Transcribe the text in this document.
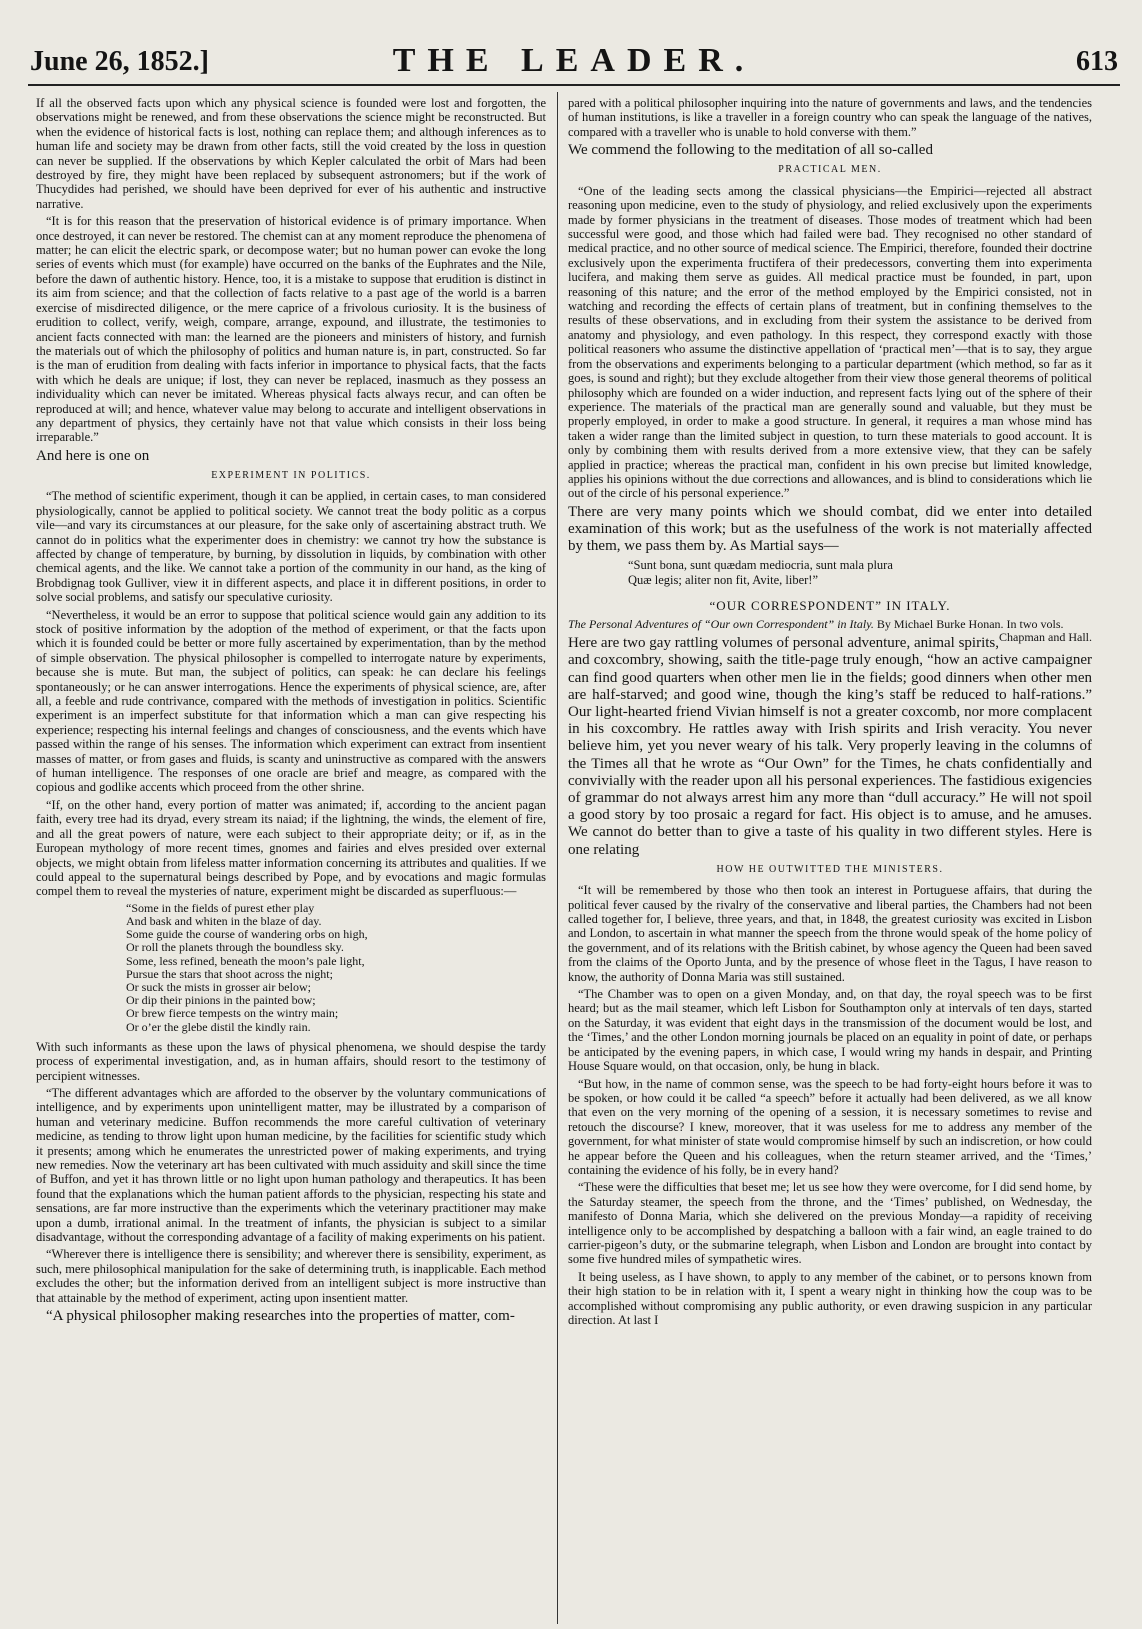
June 26, 1852.]	THE LEADER.	613

If all the observed facts upon which any physical science is founded were lost and forgotten, the observations might be renewed, and from these observations the science might be reconstructed. But when the evidence of historical facts is lost, nothing can replace them; and although inferences as to human life and society may be drawn from other facts, still the void created by the loss in question can never be supplied. If the observations by which Kepler calculated the orbit of Mars had been destroyed by fire, they might have been replaced by subsequent astronomers; but if the work of Thucydides had perished, we should have been deprived for ever of his authentic and instructive narrative.

“It is for this reason that the preservation of historical evidence is of primary importance. When once destroyed, it can never be restored. The chemist can at any moment reproduce the phenomena of matter; he can elicit the electric spark, or decompose water; but no human power can evoke the long series of events which must (for example) have occurred on the banks of the Euphrates and the Nile, before the dawn of authentic history. Hence, too, it is a mistake to suppose that erudition is distinct in its aim from science; and that the collection of facts relative to a past age of the world is a barren exercise of misdirected diligence, or the mere caprice of a frivolous curiosity. It is the business of erudition to collect, verify, weigh, compare, arrange, expound, and illustrate, the testimonies to ancient facts connected with man: the learned are the pioneers and ministers of history, and furnish the materials out of which the philosophy of politics and human nature is, in part, constructed. So far is the man of erudition from dealing with facts inferior in importance to physical facts, that the facts with which he deals are unique; if lost, they can never be replaced, inasmuch as they possess an individuality which can never be imitated. Whereas physical facts always recur, and can often be reproduced at will; and hence, whatever value may belong to accurate and intelligent observations in any department of physics, they certainly have not that value which consists in their loss being irreparable.”

And here is one on

EXPERIMENT IN POLITICS.

“The method of scientific experiment, though it can be applied, in certain cases, to man considered physiologically, cannot be applied to political society. We cannot treat the body politic as a corpus vile—and vary its circumstances at our pleasure, for the sake only of ascertaining abstract truth. We cannot do in politics what the experimenter does in chemistry: we cannot try how the substance is affected by change of temperature, by burning, by dissolution in liquids, by combination with other chemical agents, and the like. We cannot take a portion of the community in our hand, as the king of Brobdignag took Gulliver, view it in different aspects, and place it in different positions, in order to solve social problems, and satisfy our speculative curiosity.

“Nevertheless, it would be an error to suppose that political science would gain any addition to its stock of positive information by the adoption of the method of experiment, or that the facts upon which it is founded could be better or more fully ascertained by experimentation, than by the method of simple observation. The physical philosopher is compelled to interrogate nature by experiments, because she is mute. But man, the subject of politics, can speak: he can declare his feelings spontaneously; or he can answer interrogations. Hence the experiments of physical science, are, after all, a feeble and rude contrivance, compared with the methods of investigation in politics. Scientific experiment is an imperfect substitute for that information which a man can give respecting his experience; respecting his internal feelings and changes of consciousness, and the events which have passed within the range of his senses. The information which experiment can extract from insentient masses of matter, or from gases and fluids, is scanty and uninstructive as compared with the answers of human intelligence. The responses of one oracle are brief and meagre, as compared with the copious and godlike accents which proceed from the other shrine.

“If, on the other hand, every portion of matter was animated; if, according to the ancient pagan faith, every tree had its dryad, every stream its naiad; if the lightning, the winds, the element of fire, and all the great powers of nature, were each subject to their appropriate deity; or if, as in the European mythology of more recent times, gnomes and fairies and elves presided over external objects, we might obtain from lifeless matter information concerning its attributes and qualities. If we could appeal to the supernatural beings described by Pope, and by evocations and magic formulas compel them to reveal the mysteries of nature, experiment might be discarded as superfluous:—

“Some in the fields of purest ether play
And bask and whiten in the blaze of day.
Some guide the course of wandering orbs on high,
Or roll the planets through the boundless sky.
Some, less refined, beneath the moon’s pale light,
Pursue the stars that shoot across the night;
Or suck the mists in grosser air below;
Or dip their pinions in the painted bow;
Or brew fierce tempests on the wintry main;
Or o’er the glebe distil the kindly rain.

With such informants as these upon the laws of physical phenomena, we should despise the tardy process of experimental investigation, and, as in human affairs, should resort to the testimony of percipient witnesses.

“The different advantages which are afforded to the observer by the voluntary communications of intelligence, and by experiments upon unintelligent matter, may be illustrated by a comparison of human and veterinary medicine. Buffon recommends the more careful cultivation of veterinary medicine, as tending to throw light upon human medicine, by the facilities for scientific study which it presents; among which he enumerates the unrestricted power of making experiments, and trying new remedies. Now the veterinary art has been cultivated with much assiduity and skill since the time of Buffon, and yet it has thrown little or no light upon human pathology and therapeutics. It has been found that the explanations which the human patient affords to the physician, respecting his state and sensations, are far more instructive than the experiments which the veterinary practitioner may make upon a dumb, irrational animal. In the treatment of infants, the physician is subject to a similar disadvantage, without the corresponding advantage of a facility of making experiments on his patient.

“Wherever there is intelligence there is sensibility; and wherever there is sensibility, experiment, as such, mere philosophical manipulation for the sake of determining truth, is inapplicable. Each method excludes the other; but the information derived from an intelligent subject is more instructive than that attainable by the method of experiment, acting upon insentient matter.

“A physical philosopher making researches into the properties of matter, com-

pared with a political philosopher inquiring into the nature of governments and laws, and the tendencies of human institutions, is like a traveller in a foreign country who can speak the language of the natives, compared with a traveller who is unable to hold converse with them.”

We commend the following to the meditation of all so-called

PRACTICAL MEN.

“One of the leading sects among the classical physicians—the Empirici—rejected all abstract reasoning upon medicine, even to the study of physiology, and relied exclusively upon the experiments made by former physicians in the treatment of diseases. Those modes of treatment which had been successful were good, and those which had failed were bad. They recognised no other standard of medical practice, and no other source of medical science. The Empirici, therefore, founded their doctrine exclusively upon the experimenta fructifera of their predecessors, converting them into experimenta lucifera, and making them serve as guides. All medical practice must be founded, in part, upon reasoning of this nature; and the error of the method employed by the Empirici consisted, not in watching and recording the effects of certain plans of treatment, but in confining themselves to the results of these observations, and in excluding from their system the assistance to be derived from anatomy and physiology, and even pathology. In this respect, they correspond exactly with those political reasoners who assume the distinctive appellation of ‘practical men’—that is to say, they argue from the observations and experiments belonging to a particular department (which method, so far as it goes, is sound and right); but they exclude altogether from their view those general theorems of political philosophy which are founded on a wider induction, and represent facts lying out of the sphere of their experience. The materials of the practical man are generally sound and valuable, but they must be properly employed, in order to make a good structure. In general, it requires a man whose mind has taken a wider range than the limited subject in question, to turn these materials to good account. It is only by combining them with results derived from a more extensive view, that they can be safely applied in practice; whereas the practical man, confident in his own precise but limited knowledge, applies his opinions without the due corrections and allowances, and is blind to considerations which lie out of the circle of his personal experience.”

There are very many points which we should combat, did we enter into detailed examination of this work; but as the usefulness of the work is not materially affected by them, we pass them by. As Martial says—

“Sunt bona, sunt quædam mediocria, sunt mala plura
Quæ legis; aliter non fit, Avite, liber!”
“OUR CORRESPONDENT” IN ITALY.
The Personal Adventures of “Our own Correspondent” in Italy. By Michael Burke Honan. In two vols.
Chapman and Hall.

Here are two gay rattling volumes of personal adventure, animal spirits, and coxcombry, showing, saith the title-page truly enough, “how an active campaigner can find good quarters when other men lie in the fields; good dinners when other men are half-starved; and good wine, though the king’s staff be reduced to half-rations.” Our light-hearted friend Vivian himself is not a greater coxcomb, nor more complacent in his coxcombry. He rattles away with Irish spirits and Irish veracity. You never believe him, yet you never weary of his talk. Very properly leaving in the columns of the Times all that he wrote as “Our Own” for the Times, he chats confidentially and convivially with the reader upon all his personal experiences. The fastidious exigencies of grammar do not always arrest him any more than “dull accuracy.” He will not spoil a good story by too prosaic a regard for fact. His object is to amuse, and he amuses. We cannot do better than to give a taste of his quality in two different styles. Here is one relating

HOW HE OUTWITTED THE MINISTERS.

“It will be remembered by those who then took an interest in Portuguese affairs, that during the political fever caused by the rivalry of the conservative and liberal parties, the Chambers had not been called together for, I believe, three years, and that, in 1848, the greatest curiosity was excited in Lisbon and London, to ascertain in what manner the speech from the throne would speak of the home policy of the government, and of its relations with the British cabinet, by whose agency the Queen had been saved from the claims of the Oporto Junta, and by the presence of whose fleet in the Tagus, I have reason to know, the authority of Donna Maria was still sustained.

“The Chamber was to open on a given Monday, and, on that day, the royal speech was to be first heard; but as the mail steamer, which left Lisbon for Southampton only at intervals of ten days, started on the Saturday, it was evident that eight days in the transmission of the document would be lost, and the ‘Times,’ and the other London morning journals be placed on an equality in point of date, or perhaps be anticipated by the evening papers, in which case, I would wring my hands in despair, and Printing House Square would, on that occasion, only, be hung in black.

“But how, in the name of common sense, was the speech to be had forty-eight hours before it was to be spoken, or how could it be called “a speech” before it actually had been delivered, as we all know that even on the very morning of the opening of a session, it is necessary sometimes to revise and retouch the discourse? I knew, moreover, that it was useless for me to address any member of the government, for what minister of state would compromise himself by such an indiscretion, or how could he appear before the Queen and his colleagues, when the return steamer arrived, and the ‘Times,’ containing the evidence of his folly, be in every hand?

“These were the difficulties that beset me; let us see how they were overcome, for I did send home, by the Saturday steamer, the speech from the throne, and the ‘Times’ published, on Wednesday, the manifesto of Donna Maria, which she delivered on the previous Monday—a rapidity of receiving intelligence only to be accomplished by despatching a balloon with a fair wind, an eagle trained to do carrier-pigeon’s duty, or the submarine telegraph, when Lisbon and London are brought into contact by some five hundred miles of sympathetic wires.

It being useless, as I have shown, to apply to any member of the cabinet, or to persons known from their high station to be in relation with it, I spent a weary night in thinking how the coup was to be accomplished without compromising any public authority, or even drawing suspicion in any particular direction. At last I
